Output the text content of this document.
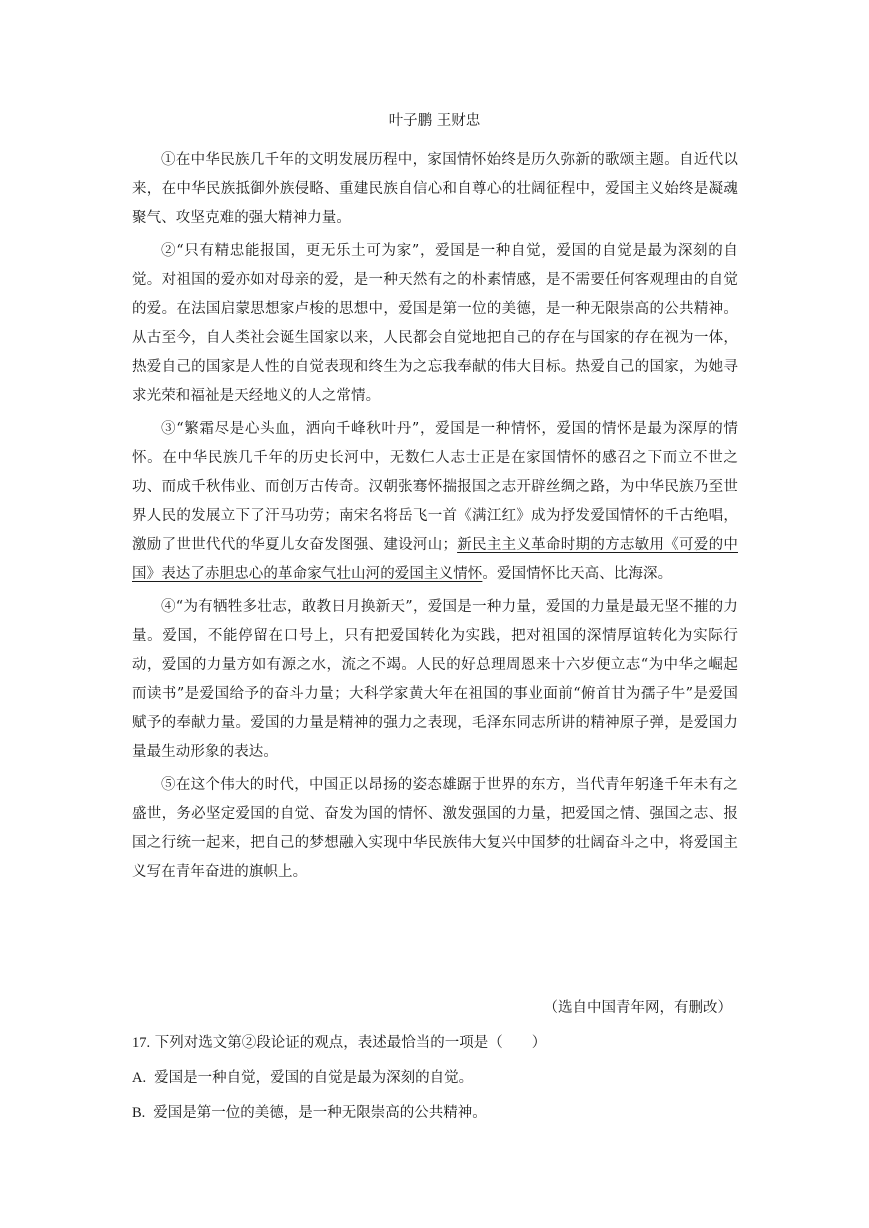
叶子鹏 王财忠

①在中华民族几千年的文明发展历程中，家国情怀始终是历久弥新的歌颂主题。自近代以来，在中华民族抵御外族侵略、重建民族自信心和自尊心的壮阔征程中，爱国主义始终是凝魂聚气、攻坚克难的强大精神力量。

②“只有精忠能报国，更无乐土可为家”，爱国是一种自觉，爱国的自觉是最为深刻的自觉。对祖国的爱亦如对母亲的爱，是一种天然有之的朴素情感，是不需要任何客观理由的自觉的爱。在法国启蒙思想家卢梭的思想中，爱国是第一位的美德，是一种无限崇高的公共精神。从古至今，自人类社会诞生国家以来，人民都会自觉地把自己的存在与国家的存在视为一体，热爱自己的国家是人性的自觉表现和终生为之忘我奉献的伟大目标。热爱自己的国家，为她寻求光荣和福祉是天经地义的人之常情。

③“繁霜尽是心头血，洒向千峰秋叶丹”，爱国是一种情怀，爱国的情怀是最为深厚的情怀。在中华民族几千年的历史长河中，无数仁人志士正是在家国情怀的感召之下而立不世之功、而成千秋伟业、而创万古传奇。汉朝张骞怀揣报国之志开辟丝绸之路，为中华民族乃至世界人民的发展立下了汗马功劳；南宋名将岳飞一首《满江红》成为抒发爱国情怀的千古绝唱，激励了世世代代的华夏儿女奋发图强、建设河山；新民主主义革命时期的方志敏用《可爱的中国》表达了赤胆忠心的革命家气壮山河的爱国主义情怀。爱国情怀比天高、比海深。

④“为有牺牲多壮志，敢教日月换新天”，爱国是一种力量，爱国的力量是最无坚不摧的力量。爱国，不能停留在口号上，只有把爱国转化为实践，把对祖国的深情厚谊转化为实际行动，爱国的力量方如有源之水，流之不竭。人民的好总理周恩来十六岁便立志“为中华之崛起而读书”是爱国给予的奋斗力量；大科学家黄大年在祖国的事业面前“俯首甘为孺子牛”是爱国赋予的奉献力量。爱国的力量是精神的强力之表现，毛泽东同志所讲的精神原子弹，是爱国力量最生动形象的表达。

⑤在这个伟大的时代，中国正以昂扬的姿态雄踞于世界的东方，当代青年躬逢千年未有之盛世，务必坚定爱国的自觉、奋发为国的情怀、激发强国的力量，把爱国之情、强国之志、报国之行统一起来，把自己的梦想融入实现中华民族伟大复兴中国梦的壮阔奋斗之中，将爱国主义写在青年奋进的旗帜上。

（选自中国青年网，有删改）
17. 下列对选文第②段论证的观点，表述最恰当的一项是（　　）
A. 爱国是一种自觉，爱国的自觉是最为深刻的自觉。
B. 爱国是第一位的美德，是一种无限崇高的公共精神。
